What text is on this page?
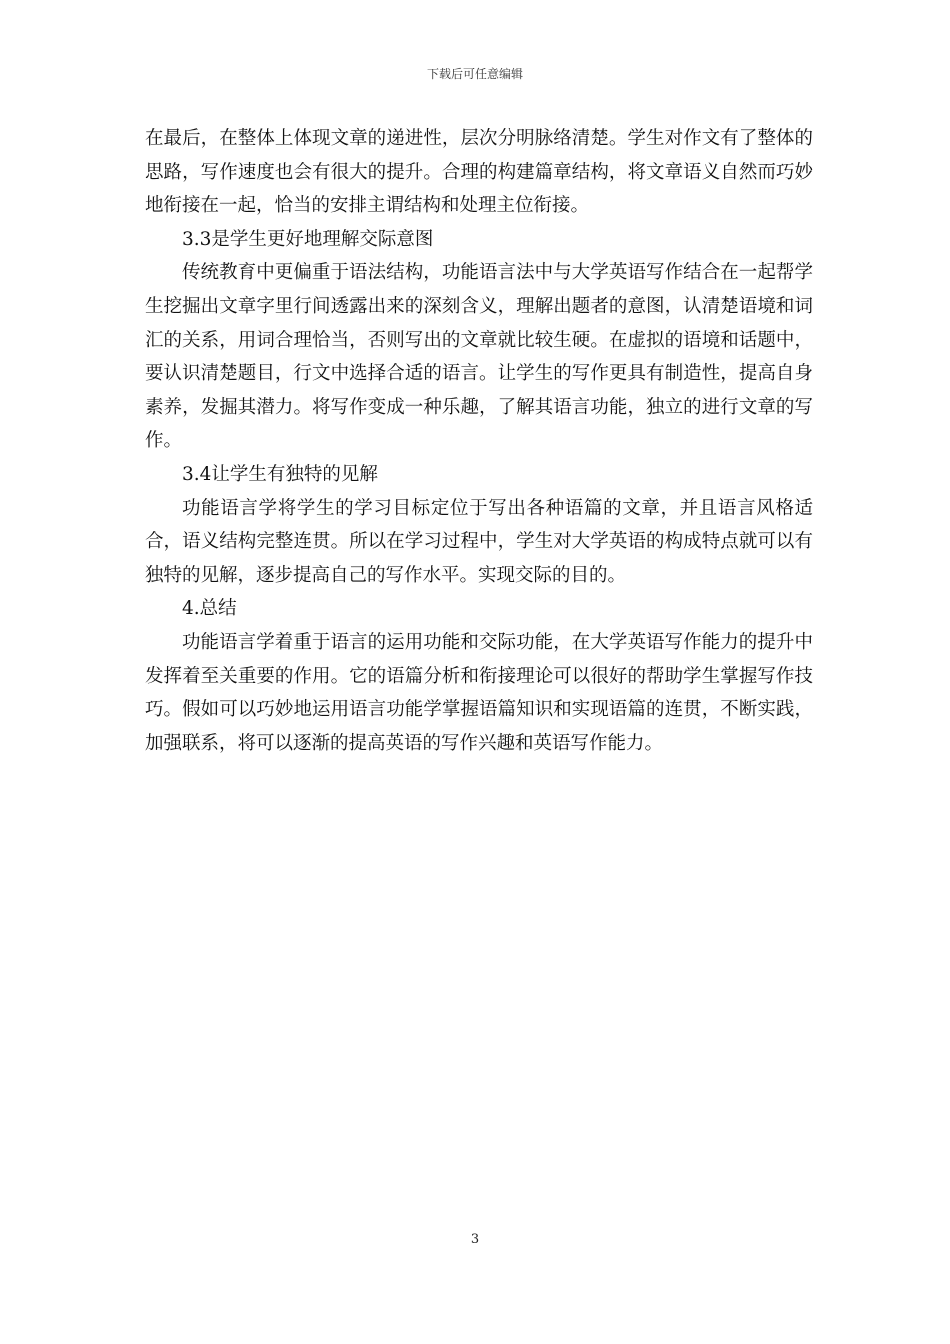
下载后可任意编辑

在最后，在整体上体现文章的递进性，层次分明脉络清楚。学生对作文有了整体的思路，写作速度也会有很大的提升。合理的构建篇章结构，将文章语义自然而巧妙地衔接在一起，恰当的安排主谓结构和处理主位衔接。

3.3是学生更好地理解交际意图

传统教育中更偏重于语法结构，功能语言法中与大学英语写作结合在一起帮学生挖掘出文章字里行间透露出来的深刻含义，理解出题者的意图，认清楚语境和词汇的关系，用词合理恰当，否则写出的文章就比较生硬。在虚拟的语境和话题中，要认识清楚题目，行文中选择合适的语言。让学生的写作更具有制造性，提高自身素养，发掘其潜力。将写作变成一种乐趣，了解其语言功能，独立的进行文章的写作。

3.4让学生有独特的见解

功能语言学将学生的学习目标定位于写出各种语篇的文章，并且语言风格适合，语义结构完整连贯。所以在学习过程中，学生对大学英语的构成特点就可以有独特的见解，逐步提高自己的写作水平。实现交际的目的。

4.总结

功能语言学着重于语言的运用功能和交际功能，在大学英语写作能力的提升中发挥着至关重要的作用。它的语篇分析和衔接理论可以很好的帮助学生掌握写作技巧。假如可以巧妙地运用语言功能学掌握语篇知识和实现语篇的连贯，不断实践，加强联系，将可以逐渐的提高英语的写作兴趣和英语写作能力。

3
